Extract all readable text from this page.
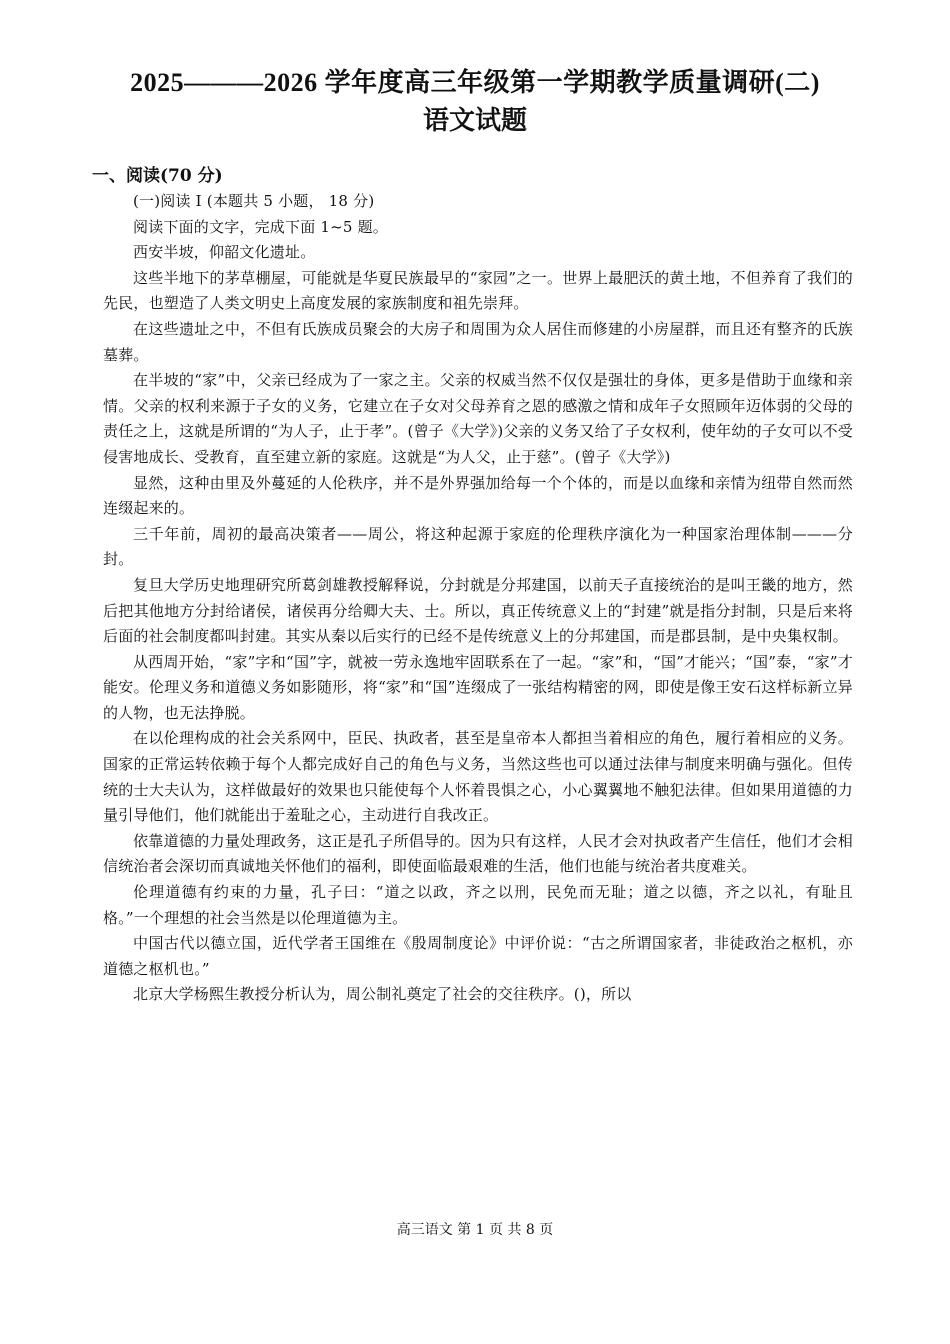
2025———2026 学年度高三年级第一学期教学质量调研(二)
语文试题
一、阅读(70 分)

(一)阅读 I (本题共 5 小题， 18 分)

阅读下面的文字，完成下面 1~5 题。

西安半坡，仰韶文化遗址。

这些半地下的茅草棚屋，可能就是华夏民族最早的“家园”之一。世界上最肥沃的黄土地，不但养育了我们的先民，也塑造了人类文明史上高度发展的家族制度和祖先崇拜。

在这些遗址之中，不但有氏族成员聚会的大房子和周围为众人居住而修建的小房屋群，而且还有整齐的氏族墓葬。

在半坡的“家”中，父亲已经成为了一家之主。父亲的权威当然不仅仅是强壮的身体，更多是借助于血缘和亲情。父亲的权利来源于子女的义务，它建立在子女对父母养育之恩的感激之情和成年子女照顾年迈体弱的父母的责任之上，这就是所谓的“为人子，止于孝”。(曾子《大学》)父亲的义务又给了子女权利，使年幼的子女可以不受侵害地成长、受教育，直至建立新的家庭。这就是“为人父，止于慈”。(曾子《大学》)

显然，这种由里及外蔓延的人伦秩序，并不是外界强加给每一个个体的，而是以血缘和亲情为纽带自然而然连缀起来的。

三千年前，周初的最高决策者——周公，将这种起源于家庭的伦理秩序演化为一种国家治理体制———分封。

复旦大学历史地理研究所葛剑雄教授解释说，分封就是分邦建国，以前天子直接统治的是叫王畿的地方，然后把其他地方分封给诸侯，诸侯再分给卿大夫、士。所以，真正传统意义上的“封建”就是指分封制，只是后来将后面的社会制度都叫封建。其实从秦以后实行的已经不是传统意义上的分邦建国，而是郡县制，是中央集权制。

从西周开始，“家”字和“国”字，就被一劳永逸地牢固联系在了一起。“家”和，“国”才能兴；“国”泰，“家”才能安。伦理义务和道德义务如影随形，将“家”和“国”连缀成了一张结构精密的网，即使是像王安石这样标新立异的人物，也无法挣脱。

在以伦理构成的社会关系网中，臣民、执政者，甚至是皇帝本人都担当着相应的角色，履行着相应的义务。国家的正常运转依赖于每个人都完成好自己的角色与义务，当然这些也可以通过法律与制度来明确与强化。但传统的士大夫认为，这样做最好的效果也只能使每个人怀着畏惧之心，小心翼翼地不触犯法律。但如果用道德的力量引导他们，他们就能出于羞耻之心，主动进行自我改正。

依靠道德的力量处理政务，这正是孔子所倡导的。因为只有这样，人民才会对执政者产生信任，他们才会相信统治者会深切而真诚地关怀他们的福利，即使面临最艰难的生活，他们也能与统治者共度难关。

伦理道德有约束的力量，孔子曰：“道之以政，齐之以刑，民免而无耻；道之以德，齐之以礼，有耻且格。”一个理想的社会当然是以伦理道德为主。

中国古代以德立国，近代学者王国维在《殷周制度论》中评价说：“古之所谓国家者，非徒政治之枢机，亦道德之枢机也。”

北京大学杨熙生教授分析认为，周公制礼奠定了社会的交往秩序。()，所以

高三语文 第 1 页 共 8 页
